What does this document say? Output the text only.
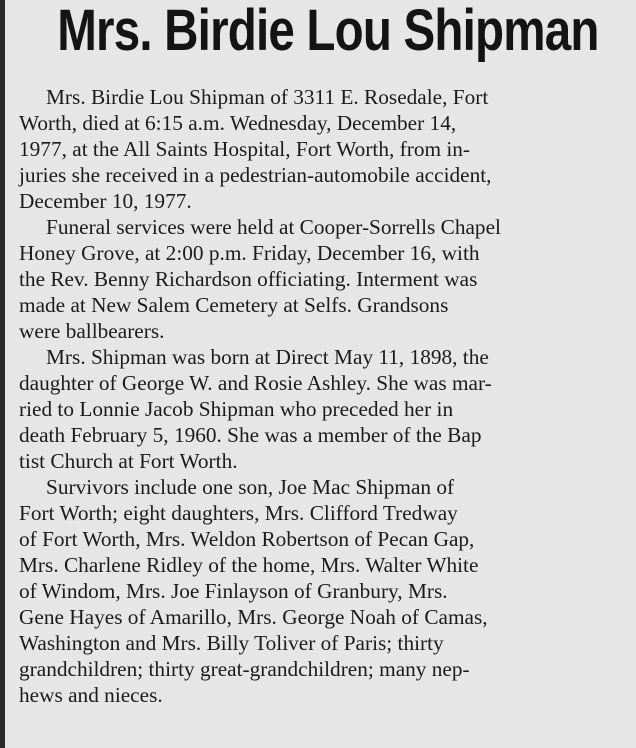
Mrs. Birdie Lou Shipman
Mrs. Birdie Lou Shipman of 3311 E. Rosedale, Fort
Worth, died at 6:15 a.m. Wednesday, December 14,
1977, at the All Saints Hospital, Fort Worth, from in-
juries she received in a pedestrian-automobile accident,
December 10, 1977.
Funeral services were held at Cooper-Sorrells Chapel
Honey Grove, at 2:00 p.m. Friday, December 16, with
the Rev. Benny Richardson officiating. Interment was
made at New Salem Cemetery at Selfs. Grandsons
were ballbearers.
Mrs. Shipman was born at Direct May 11, 1898, the
daughter of George W. and Rosie Ashley. She was mar-
ried to Lonnie Jacob Shipman who preceded her in
death February 5, 1960. She was a member of the Bap
tist Church at Fort Worth.
Survivors include one son, Joe Mac Shipman of
Fort Worth; eight daughters, Mrs. Clifford Tredway
of Fort Worth, Mrs. Weldon Robertson of Pecan Gap,
Mrs. Charlene Ridley of the home, Mrs. Walter White
of Windom, Mrs. Joe Finlayson of Granbury, Mrs.
Gene Hayes of Amarillo, Mrs. George Noah of Camas,
Washington and Mrs. Billy Toliver of Paris; thirty
grandchildren; thirty great-grandchildren; many nep-
hews and nieces.
